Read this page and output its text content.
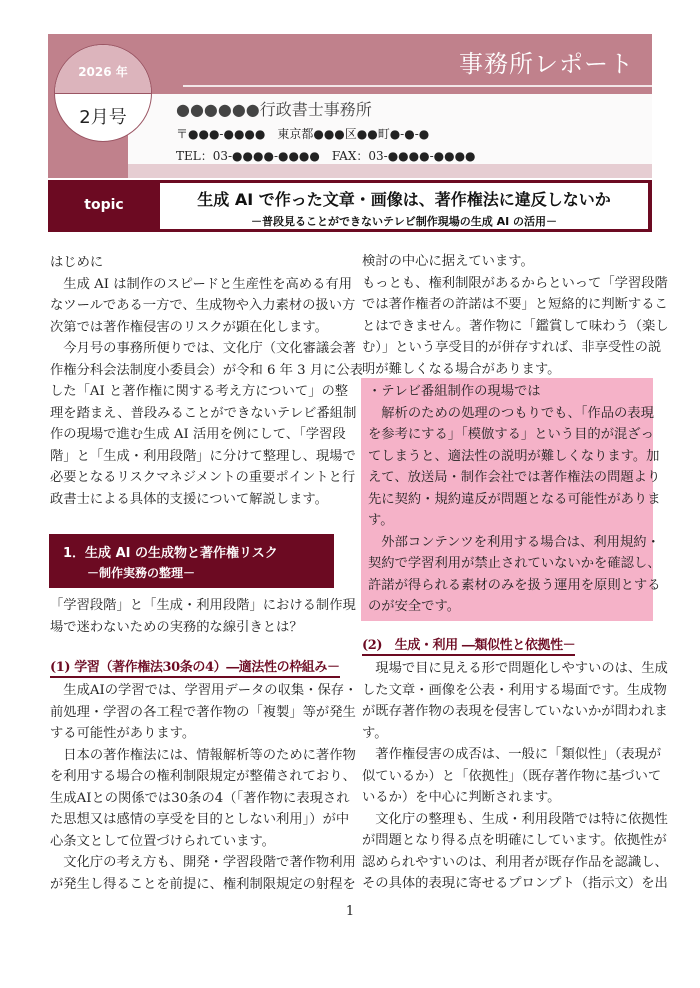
事務所レポート
2026 年
2月号	●●●●●●行政書士事務所
〒●●●-●●●●　東京都●●●区●●町●-●-●
TEL：03-●●●●-●●●●　FAX：03-●●●●-●●●●
topic	生成 AI で作った文章・画像は、著作権法に違反しないか
－普段見ることができないテレビ制作現場の生成 AI の活用－
はじめに
　生成 AI は制作のスピードと生産性を高める有用
なツールである一方で、生成物や入力素材の扱い方
次第では著作権侵害のリスクが顕在化します。
　今月号の事務所便りでは、文化庁（文化審議会著
作権分科会法制度小委員会）が令和 6 年 3 月に公表
した「AI と著作権に関する考え方について」の整
理を踏まえ、普段みることができないテレビ番組制
作の現場で進む生成 AI 活用を例にして、「学習段
階」と「生成・利用段階」に分けて整理し、現場で
必要となるリスクマネジメントの重要ポイントと行
政書士による具体的支援について解説します。
1．生成 AI の生成物と著作権リスク
－制作実務の整理－
「学習段階」と「生成・利用段階」における制作現
場で迷わないための実務的な線引きとは？
(1) 学習（著作権法30条の4）―適法性の枠組み－
　生成AIの学習では、学習用データの収集・保存・
前処理・学習の各工程で著作物の「複製」等が発生
する可能性があります。
　日本の著作権法には、情報解析等のために著作物
を利用する場合の権利制限規定が整備されており、
生成AIとの関係では30条の4（「著作物に表現され
た思想又は感情の享受を目的としない利用」）が中
心条文として位置づけられています。
　文化庁の考え方も、開発・学習段階で著作物利用
が発生し得ることを前提に、権利制限規定の射程を
検討の中心に据えています。
もっとも、権利制限があるからといって「学習段階
では著作権者の許諾は不要」と短絡的に判断するこ
とはできません。著作物に「鑑賞して味わう（楽し
む）」という享受目的が併存すれば、非享受性の説
明が難しくなる場合があります。
・テレビ番組制作の現場では
　解析のための処理のつもりでも、「作品の表現
を参考にする」「模倣する」という目的が混ざっ
てしまうと、適法性の説明が難しくなります。加
えて、放送局・制作会社では著作権法の問題より
先に契約・規約違反が問題となる可能性がありま
す。
　外部コンテンツを利用する場合は、利用規約・
契約で学習利用が禁止されていないかを確認し、
許諾が得られる素材のみを扱う運用を原則とする
のが安全です。
(2)　生成・利用 ―類似性と依拠性－
　現場で目に見える形で問題化しやすいのは、生成
した文章・画像を公表・利用する場面です。生成物
が既存著作物の表現を侵害していないかが問われま
す。
　著作権侵害の成否は、一般に「類似性」（表現が
似ているか）と「依拠性」（既存著作物に基づいて
いるか）を中心に判断されます。
　文化庁の整理も、生成・利用段階では特に依拠性
が問題となり得る点を明確にしています。依拠性が
認められやすいのは、利用者が既存作品を認識し、
その具体的表現に寄せるプロンプト（指示文）を出
1
